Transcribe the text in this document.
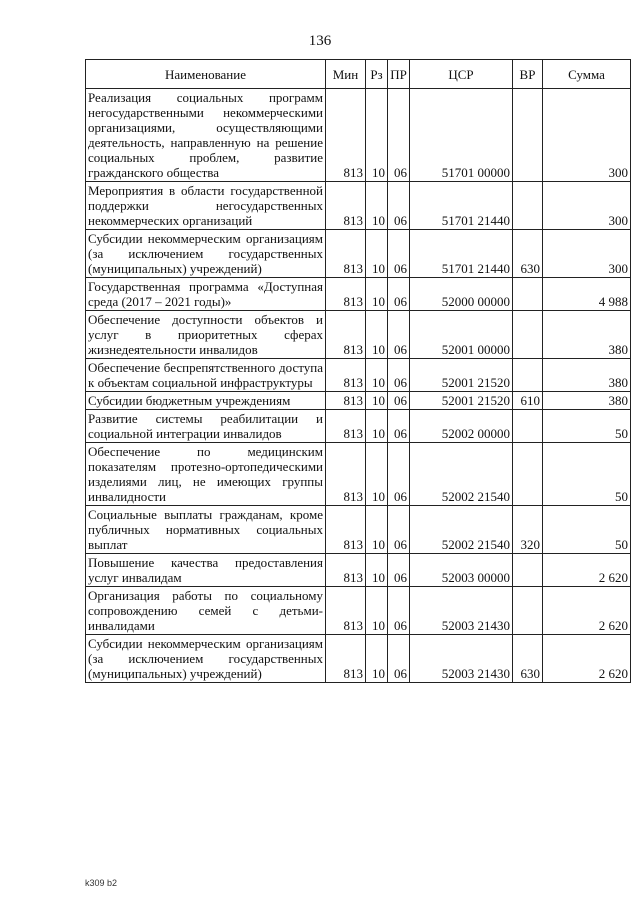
136
Наименование	Мин	Рз	ПР	ЦСР	ВР	Сумма
Реализация социальных программ негосударственными некоммерческими организациями, осуществляющими деятельность, направленную на решение социальных проблем, развитие гражданского общества	813	10	06	51701 00000		300
Мероприятия в области государственной поддержки негосударственных некоммерческих организаций	813	10	06	51701 21440		300
Субсидии некоммерческим организациям (за исключением государственных (муниципальных) учреждений)	813	10	06	51701 21440	630	300
Государственная программа «Доступная среда (2017 – 2021 годы)»	813	10	06	52000 00000		4 988
Обеспечение доступности объектов и услуг в приоритетных сферах жизнедеятельности инвалидов	813	10	06	52001 00000		380
Обеспечение беспрепятственного доступа к объектам социальной инфраструктуры	813	10	06	52001 21520		380
Субсидии бюджетным учреждениям	813	10	06	52001 21520	610	380
Развитие системы реабилитации и социальной интеграции инвалидов	813	10	06	52002 00000		50
Обеспечение по медицинским показателям протезно-ортопедическими изделиями лиц, не имеющих группы инвалидности	813	10	06	52002 21540		50
Социальные выплаты гражданам, кроме публичных нормативных социальных выплат	813	10	06	52002 21540	320	50
Повышение качества предоставления услуг инвалидам	813	10	06	52003 00000		2 620
Организация работы по социальному сопровождению семей с детьми-инвалидами	813	10	06	52003 21430		2 620
Субсидии некоммерческим организациям (за исключением государственных (муниципальных) учреждений)	813	10	06	52003 21430	630	2 620
k309 b2
